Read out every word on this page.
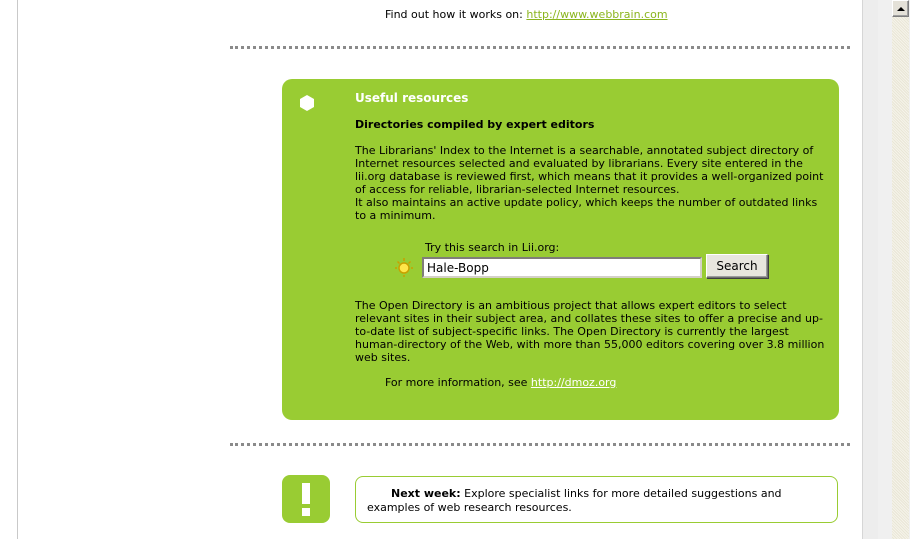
Find out how it works on: http://www.webbrain.com
Useful resources
Directories compiled by expert editors
The Librarians' Index to the Internet is a searchable, annotated subject directory of Internet resources selected and evaluated by librarians. Every site entered in the lii.org database is reviewed first, which means that it provides a well-organized point of access for reliable, librarian-selected Internet resources.
It also maintains an active update policy, which keeps the number of outdated links to a minimum.
Try this search in Lii.org:
Hale-Bopp
Search
The Open Directory is an ambitious project that allows expert editors to select relevant sites in their subject area, and collates these sites to offer a precise and up-to-date list of subject-specific links. The Open Directory is currently the largest human-directory of the Web, with more than 55,000 editors covering over 3.8 million web sites.
For more information, see http://dmoz.org
Next week: Explore specialist links for more detailed suggestions and examples of web research resources.
